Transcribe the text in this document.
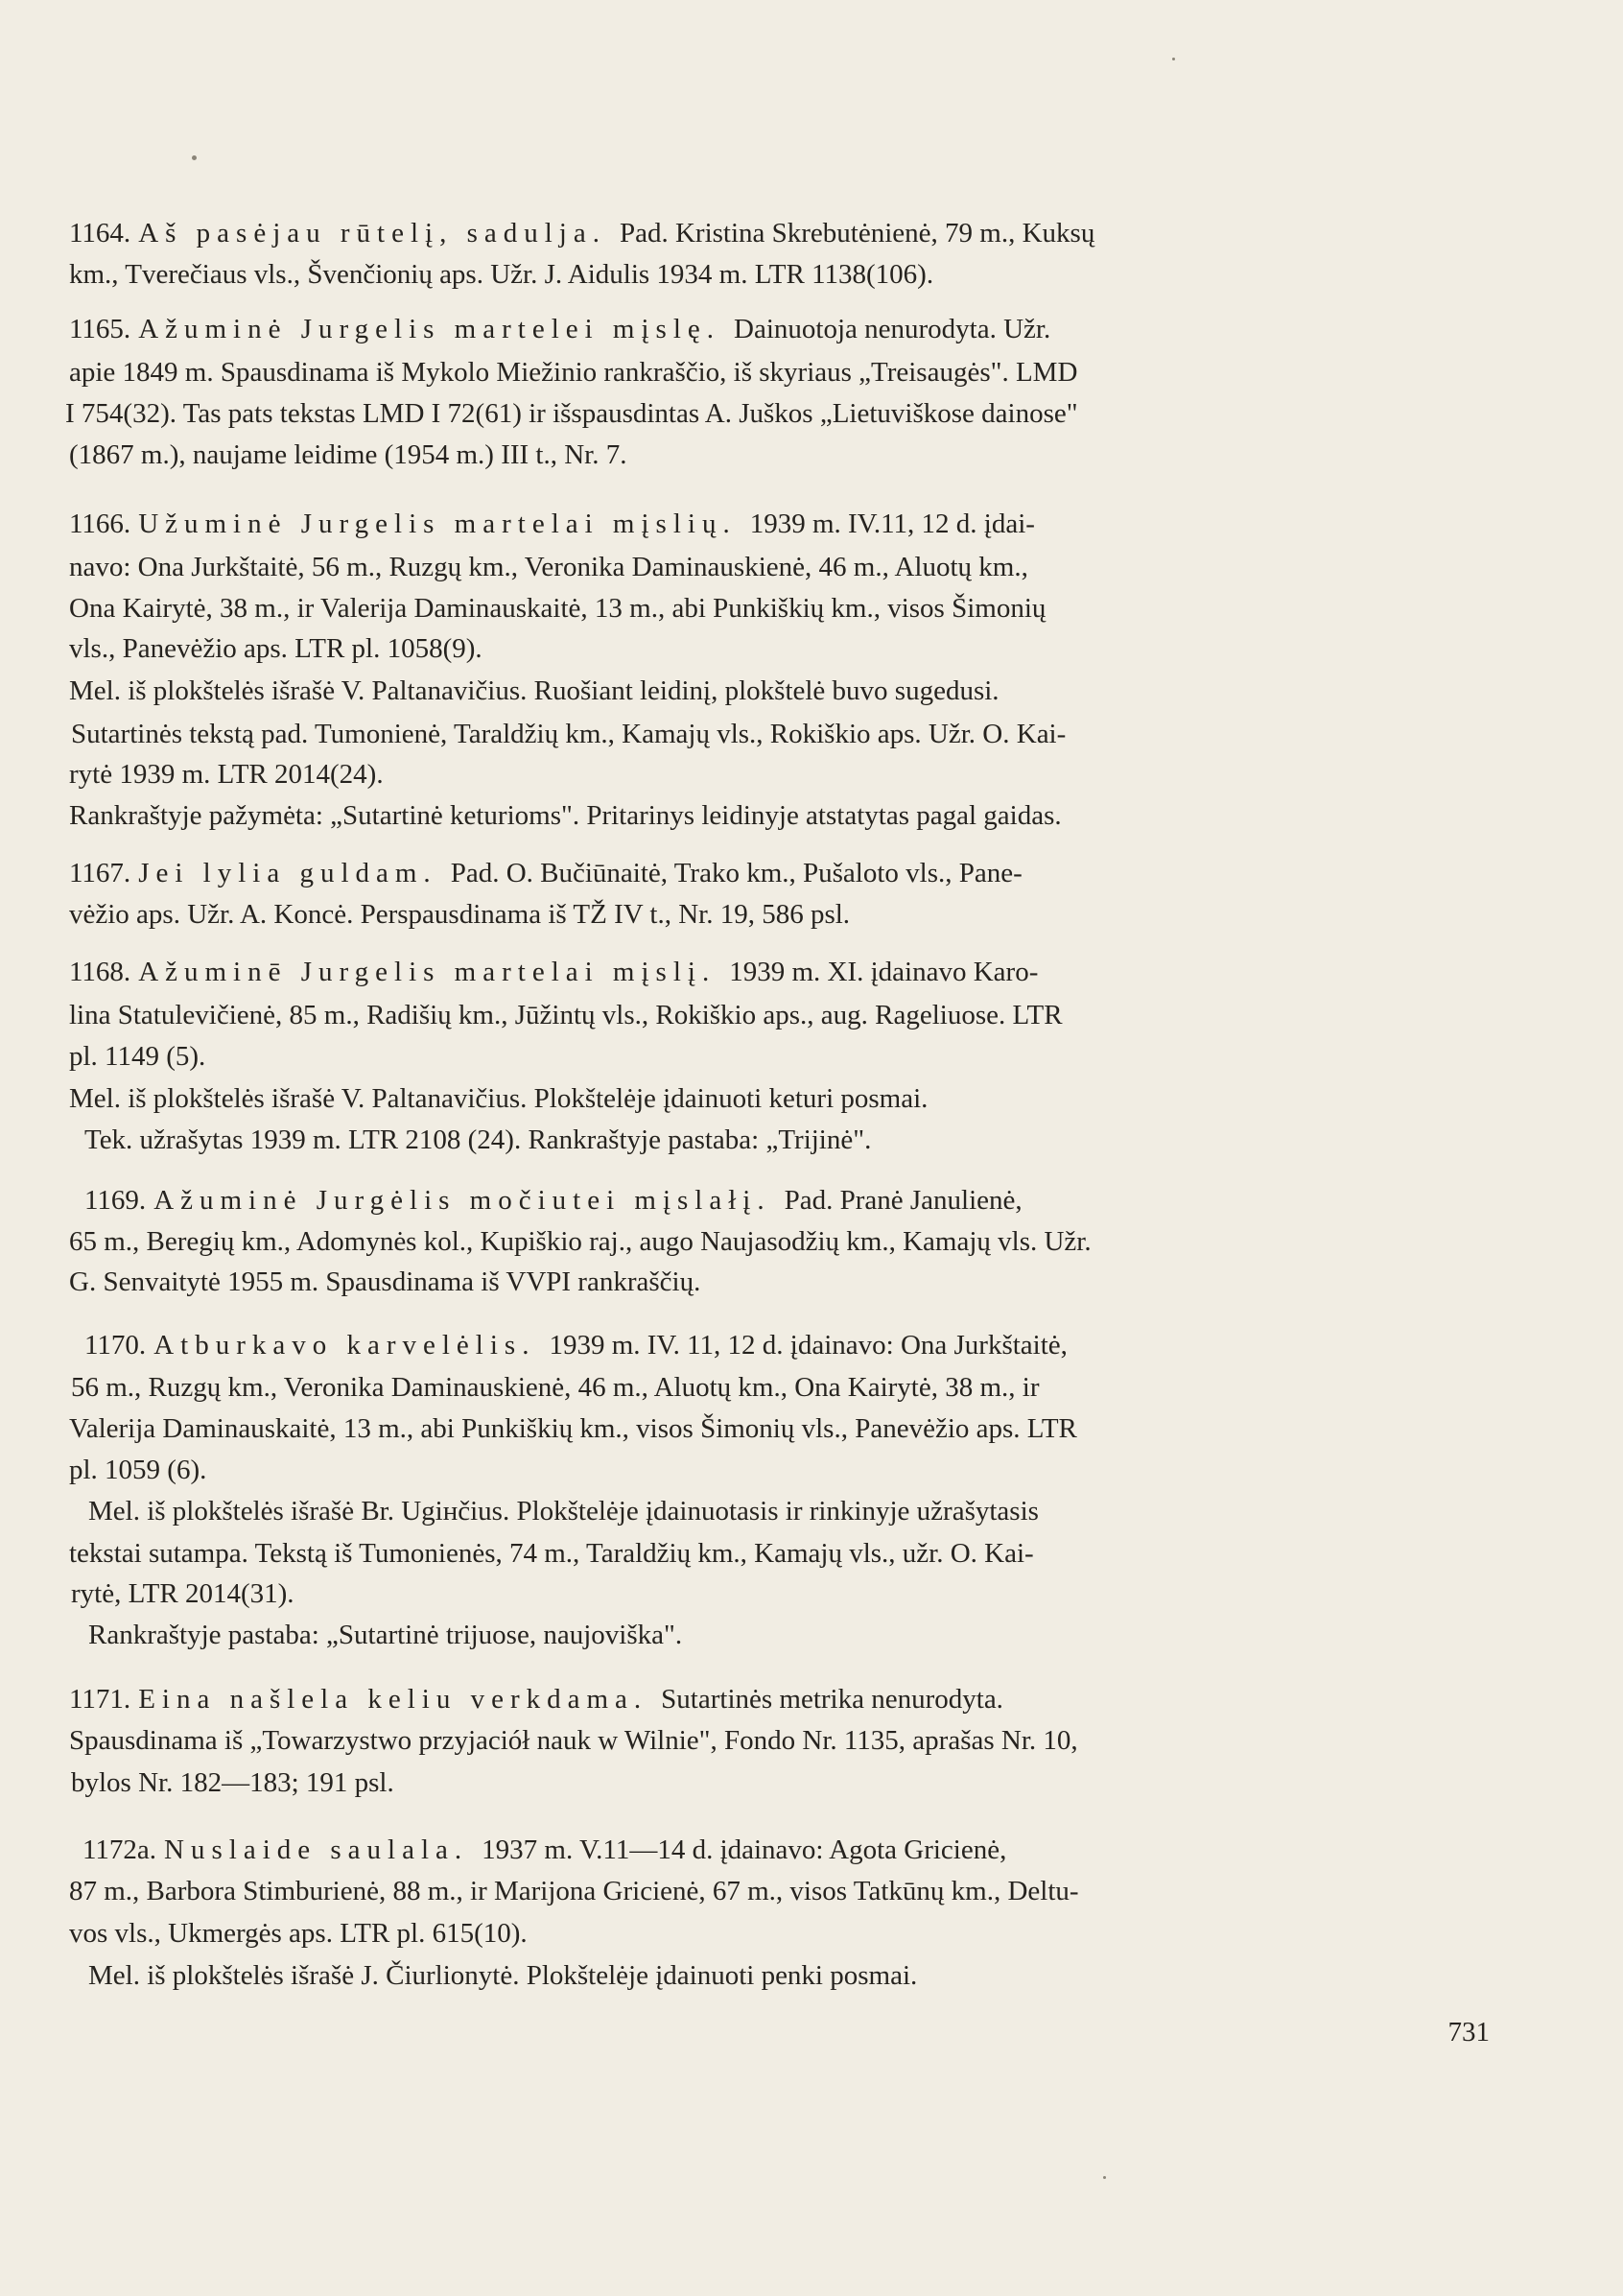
1164. Aš pasėjau rūtelį, sadulja. Pad. Kristina Skrebutėnienė, 79 m., Kuksų
km., Tverečiaus vls., Švenčionių aps. Užr. J. Aidulis 1934 m. LTR 1138(106).
1165. Ažuminė Jurgelis martelei mįslę. Dainuotoja nenurodyta. Užr.
apie 1849 m. Spausdinama iš Mykolo Miežinio rankraščio, iš skyriaus „Treisaugės". LMD
I 754(32). Tas pats tekstas LMD I 72(61) ir išspausdintas A. Juškos „Lietuviškose dainose"
(1867 m.), naujame leidime (1954 m.) III t., Nr. 7.
1166. Užuminė Jurgelis martelai mįslių. 1939 m. IV.11, 12 d. įdai-
navo: Ona Jurkštaitė, 56 m., Ruzgų km., Veronika Daminauskienė, 46 m., Aluotų km.,
Ona Kairytė, 38 m., ir Valerija Daminauskaitė, 13 m., abi Punkiškių km., visos Šimonių
vls., Panevėžio aps. LTR pl. 1058(9).
Mel. iš plokštelės išrašė V. Paltanavičius. Ruošiant leidinį, plokštelė buvo sugedusi.
Sutartinės tekstą pad. Tumonienė, Taraldžių km., Kamajų vls., Rokiškio aps. Užr. O. Kai-
rytė 1939 m. LTR 2014(24).
Rankraštyje pažymėta: „Sutartinė keturioms". Pritarinys leidinyje atstatytas pagal gaidas.
1167. Jei lylia guldam. Pad. O. Bučiūnaitė, Trako km., Pušaloto vls., Pane-
vėžio aps. Užr. A. Koncė. Perspausdinama iš TŽ IV t., Nr. 19, 586 psl.
1168. Ažuminē Jurgelis martelai mįslį. 1939 m. XI. įdainavo Karo-
lina Statulevičienė, 85 m., Radišių km., Jūžintų vls., Rokiškio aps., aug. Rageliuose. LTR
pl. 1149 (5).
Mel. iš plokštelės išrašė V. Paltanavičius. Plokštelėje įdainuoti keturi posmai.
Tek. užrašytas 1939 m. LTR 2108 (24). Rankraštyje pastaba: „Trijinė".
1169. Ažuminė Jurgėlis močiutei mįslałį. Pad. Pranė Janulienė,
65 m., Beregių km., Adomynės kol., Kupiškio raj., augo Naujasodžių km., Kamajų vls. Užr.
G. Senvaitytė 1955 m. Spausdinama iš VVPI rankraščių.
1170. Atburkavo karvelėlis. 1939 m. IV. 11, 12 d. įdainavo: Ona Jurkštaitė,
56 m., Ruzgų km., Veronika Daminauskienė, 46 m., Aluotų km., Ona Kairytė, 38 m., ir
Valerija Daminauskaitė, 13 m., abi Punkiškių km., visos Šimonių vls., Panevėžio aps. LTR
pl. 1059 (6).
Mel. iš plokštelės išrašė Br. Ugінčius. Plokštelėje įdainuotasis ir rinkinyje užrašytasis
tekstai sutampa. Tekstą iš Tumonienės, 74 m., Taraldžių km., Kamajų vls., užr. O. Kai-
rytė, LTR 2014(31).
Rankraštyje pastaba: „Sutartinė trijuose, naujoviška".
1171. Eina našlela keliu verkdama. Sutartinės metrika nenurodyta.
Spausdinama iš „Towarzystwo przyjaciół nauk w Wilnie", Fondo Nr. 1135, aprašas Nr. 10,
bylos Nr. 182—183; 191 psl.
1172a. Nuslaide saulala. 1937 m. V.11—14 d. įdainavo: Agota Gricienė,
87 m., Barbora Stimburienė, 88 m., ir Marijona Gricienė, 67 m., visos Tatkūnų km., Deltu-
vos vls., Ukmergės aps. LTR pl. 615(10).
Mel. iš plokštelės išrašė J. Čiurlionytė. Plokštelėje įdainuoti penki posmai.
731
